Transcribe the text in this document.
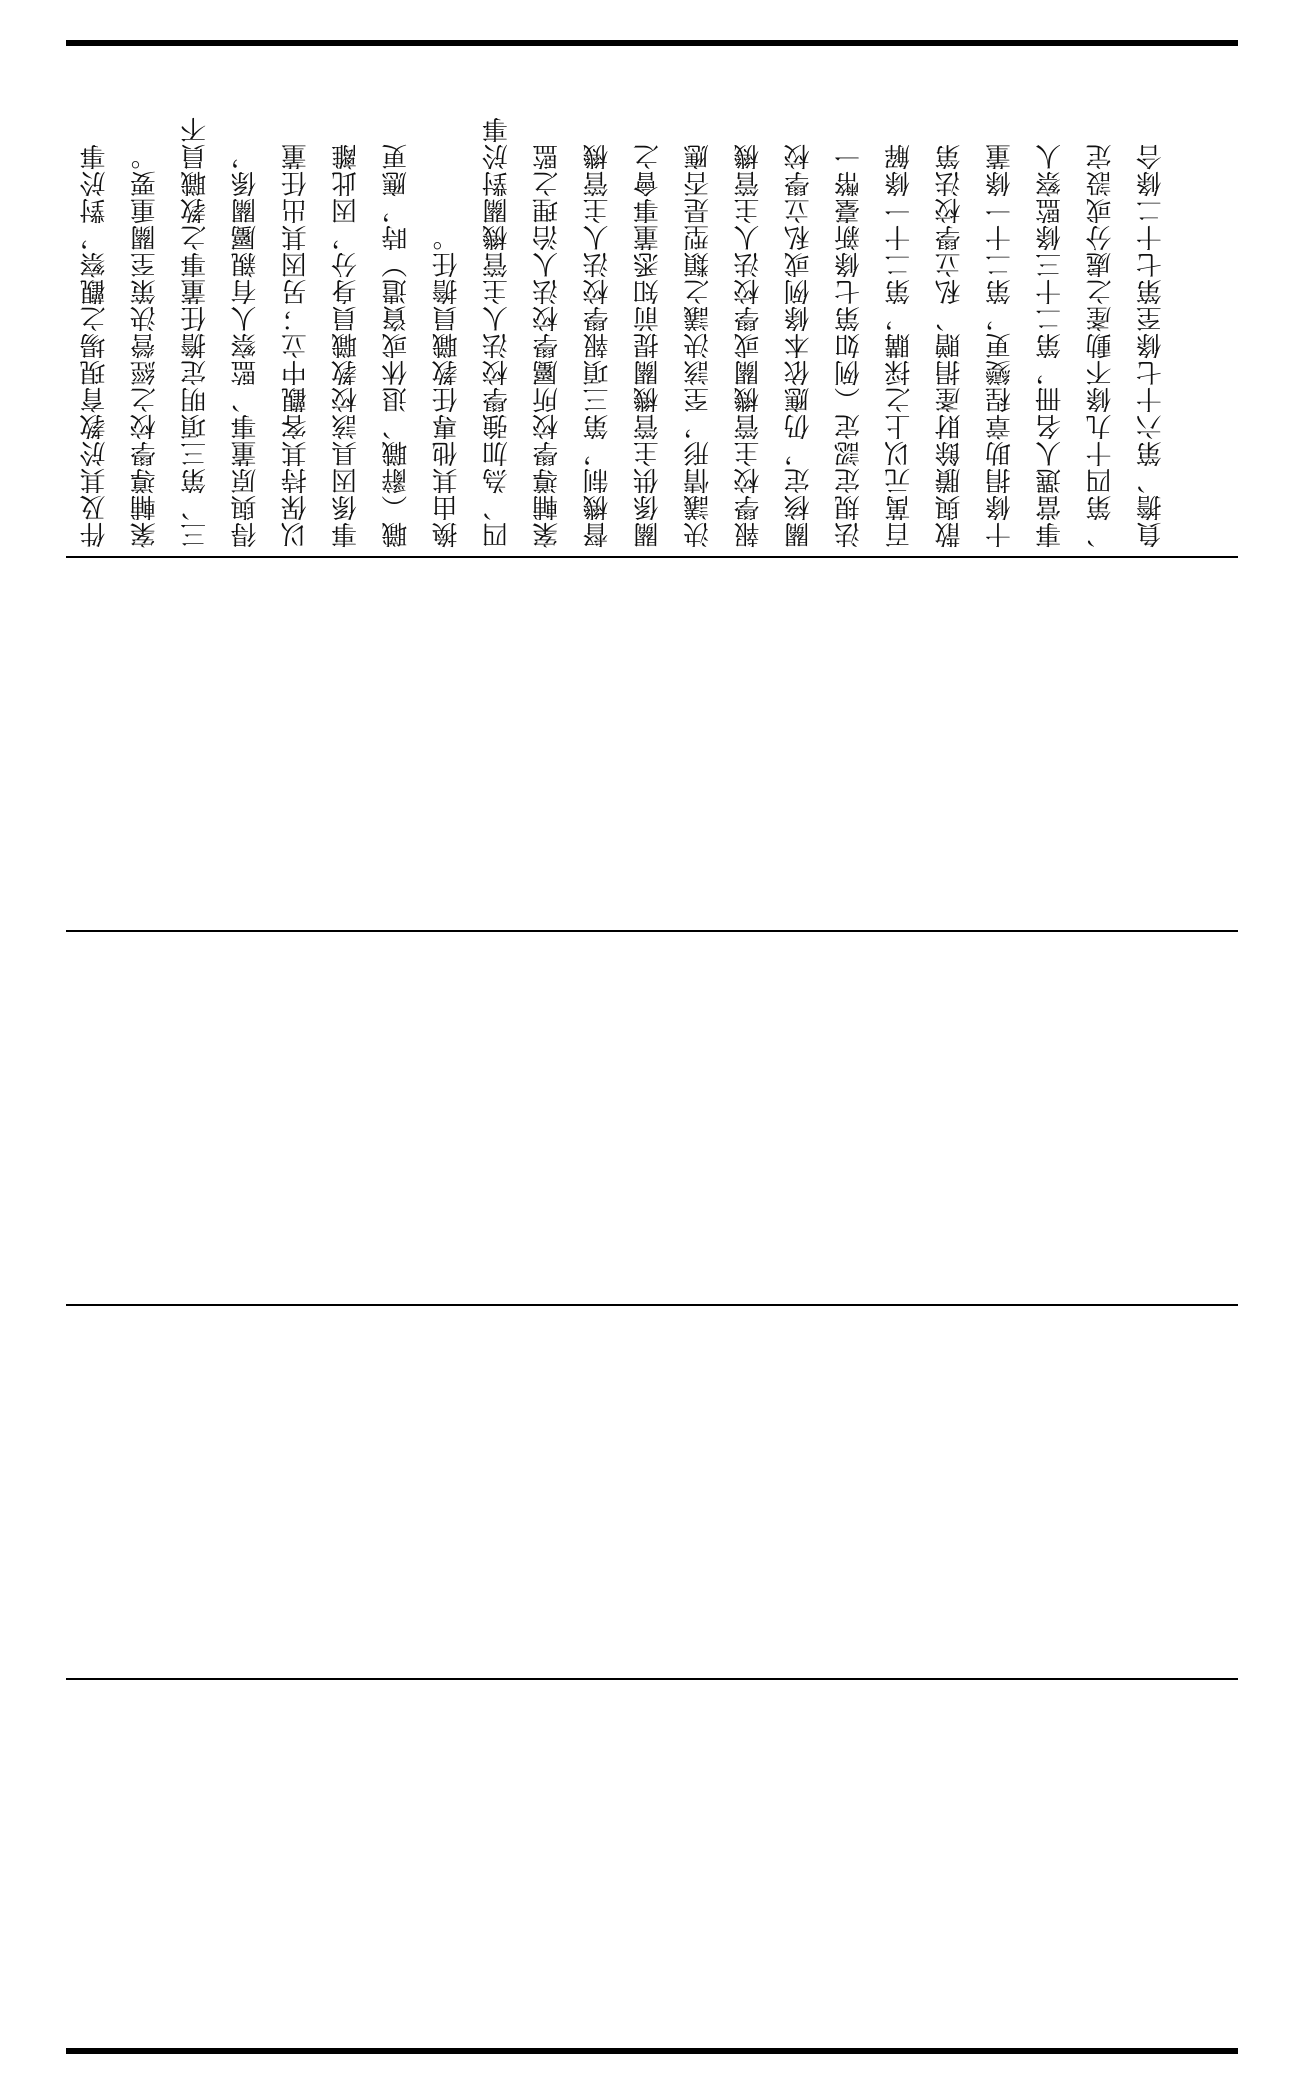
件及其於教育現場之觀察，對於事 案輔導學校之經營決策至關重要。 三、第三項明定擔任董事之教職員不 得與原董事、監察人有親屬關係， 以保持其客觀中立；另因其出任董 事係因具該校教職員身分，因此離 職（辭職、退休或資遣）時，應更 換由其他專任教職員擔任。 四、為加強學校法人主管機關對於事 案輔導學校所屬學校法人治理之監 督機制，第三項報學校法人主管機 關係供主管機關提前知悉董事會之 決議情形，至該決議之類型是否應 報學校主管機關或學校法人主管機 關核定，仍應依本條例或私立學校 法規定認定（例如第七條新臺幣一 百萬元以上之採購，第二十一條解 散與賸餘財產捐贈、私立學校法第 十條捐助章程變更，第二十一條董 事當選人名冊，第二十三條監察人 、第四十九條不動產之處分或設定 負擔、第六十七條至第七十二條合
